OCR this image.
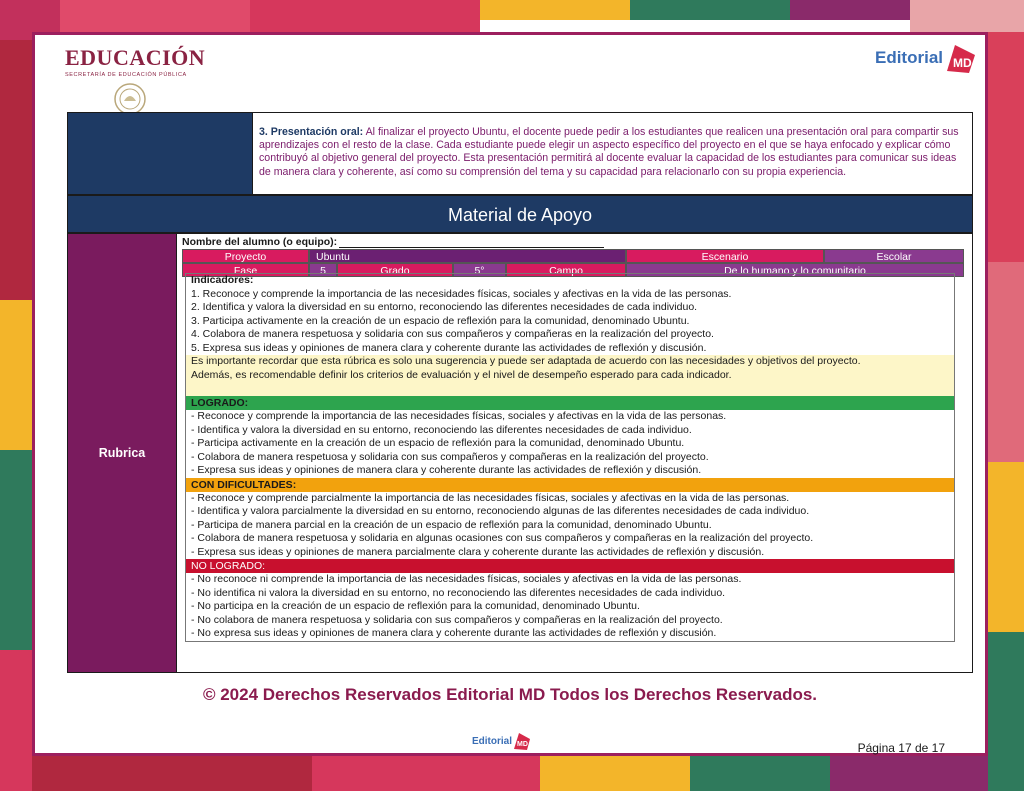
EDUCACIÓN
SECRETARÍA DE EDUCACIÓN PÚBLICA
Editorial MD
3. Presentación oral: Al finalizar el proyecto Ubuntu, el docente puede pedir a los estudiantes que realicen una presentación oral para compartir sus aprendizajes con el resto de la clase. Cada estudiante puede elegir un aspecto específico del proyecto en el que se haya enfocado y explicar cómo contribuyó al objetivo general del proyecto. Esta presentación permitirá al docente evaluar la capacidad de los estudiantes para comunicar sus ideas de manera clara y coherente, así como su comprensión del tema y su capacidad para relacionarlo con su propia experiencia.
Material de Apoyo
Rubrica
Nombre del alumno (o equipo):
Proyecto	Ubuntu	Escenario	Escolar
Fase	5	Grado	5°	Campo	De lo humano y lo comunitario
Indicadores:
1. Reconoce y comprende la importancia de las necesidades físicas, sociales y afectivas en la vida de las personas.
2. Identifica y valora la diversidad en su entorno, reconociendo las diferentes necesidades de cada individuo.
3. Participa activamente en la creación de un espacio de reflexión para la comunidad, denominado Ubuntu.
4. Colabora de manera respetuosa y solidaria con sus compañeros y compañeras en la realización del proyecto.
5. Expresa sus ideas y opiniones de manera clara y coherente durante las actividades de reflexión y discusión.
Es importante recordar que esta rúbrica es solo una sugerencia y puede ser adaptada de acuerdo con las necesidades y objetivos del proyecto.
Además, es recomendable definir los criterios de evaluación y el nivel de desempeño esperado para cada indicador.
LOGRADO:
- Reconoce y comprende la importancia de las necesidades físicas, sociales y afectivas en la vida de las personas.
- Identifica y valora la diversidad en su entorno, reconociendo las diferentes necesidades de cada individuo.
- Participa activamente en la creación de un espacio de reflexión para la comunidad, denominado Ubuntu.
- Colabora de manera respetuosa y solidaria con sus compañeros y compañeras en la realización del proyecto.
- Expresa sus ideas y opiniones de manera clara y coherente durante las actividades de reflexión y discusión.
CON DIFICULTADES:
- Reconoce y comprende parcialmente la importancia de las necesidades físicas, sociales y afectivas en la vida de las personas.
- Identifica y valora parcialmente la diversidad en su entorno, reconociendo algunas de las diferentes necesidades de cada individuo.
- Participa de manera parcial en la creación de un espacio de reflexión para la comunidad, denominado Ubuntu.
- Colabora de manera respetuosa y solidaria en algunas ocasiones con sus compañeros y compañeras en la realización del proyecto.
- Expresa sus ideas y opiniones de manera parcialmente clara y coherente durante las actividades de reflexión y discusión.
NO LOGRADO:
- No reconoce ni comprende la importancia de las necesidades físicas, sociales y afectivas en la vida de las personas.
- No identifica ni valora la diversidad en su entorno, no reconociendo las diferentes necesidades de cada individuo.
- No participa en la creación de un espacio de reflexión para la comunidad, denominado Ubuntu.
- No colabora de manera respetuosa y solidaria con sus compañeros y compañeras en la realización del proyecto.
- No expresa sus ideas y opiniones de manera clara y coherente durante las actividades de reflexión y discusión.
© 2024 Derechos Reservados Editorial MD Todos los Derechos Reservados.
Editorial MD	Página 17 de 17
